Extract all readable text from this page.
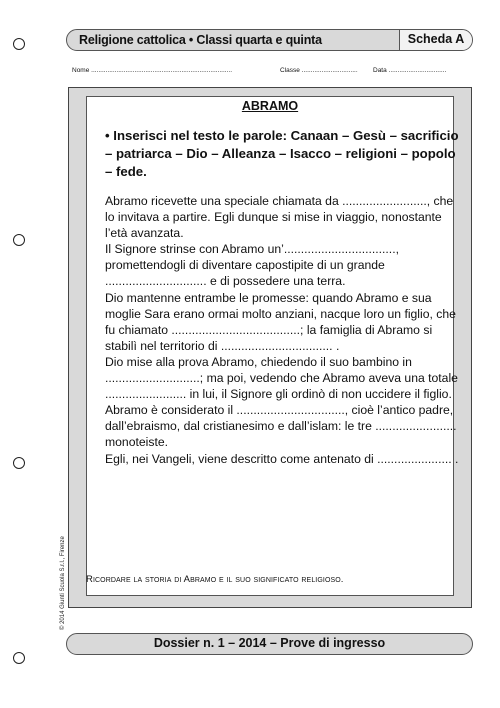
Religione cattolica • Classi quarta e quinta	Scheda A
Nome ..............................................................................	Classe ............................... Data ................................
ABRAMO
• Inserisci nel testo le parole: Canaan – Gesù – sacrificio – patriarca – Dio – Alleanza – Isacco – religioni – popolo – fede.

Abramo ricevette una speciale chiamata da ........................., che lo invitava a partire. Egli dunque si mise in viaggio, nonostante l’età avanzata.

Il Signore strinse con Abramo un’................................., promettendogli di diventare capostipite di un grande .............................. e di possedere una terra.

Dio mantenne entrambe le promesse: quando Abramo e sua moglie Sara erano ormai molto anziani, nacque loro un figlio, che fu chiamato ......................................; la famiglia di Abramo si stabilì nel territorio di ................................. .

Dio mise alla prova Abramo, chiedendo il suo bambino in ............................; ma poi, vedendo che Abramo aveva una totale ........................ in lui, il Signore gli ordinò di non uccidere il figlio.

Abramo è considerato il ................................, cioè l’antico padre, dall’ebraismo, dal cristianesimo e dall’islam: le tre ........................ monoteiste.

Egli, nei Vangeli, viene descritto come antenato di ...................... .

Ricordare la storia di Abramo e il suo significato religioso.
© 2014 Giunti Scuola S.r.l., Firenze
Dossier n. 1 – 2014 – Prove di ingresso
